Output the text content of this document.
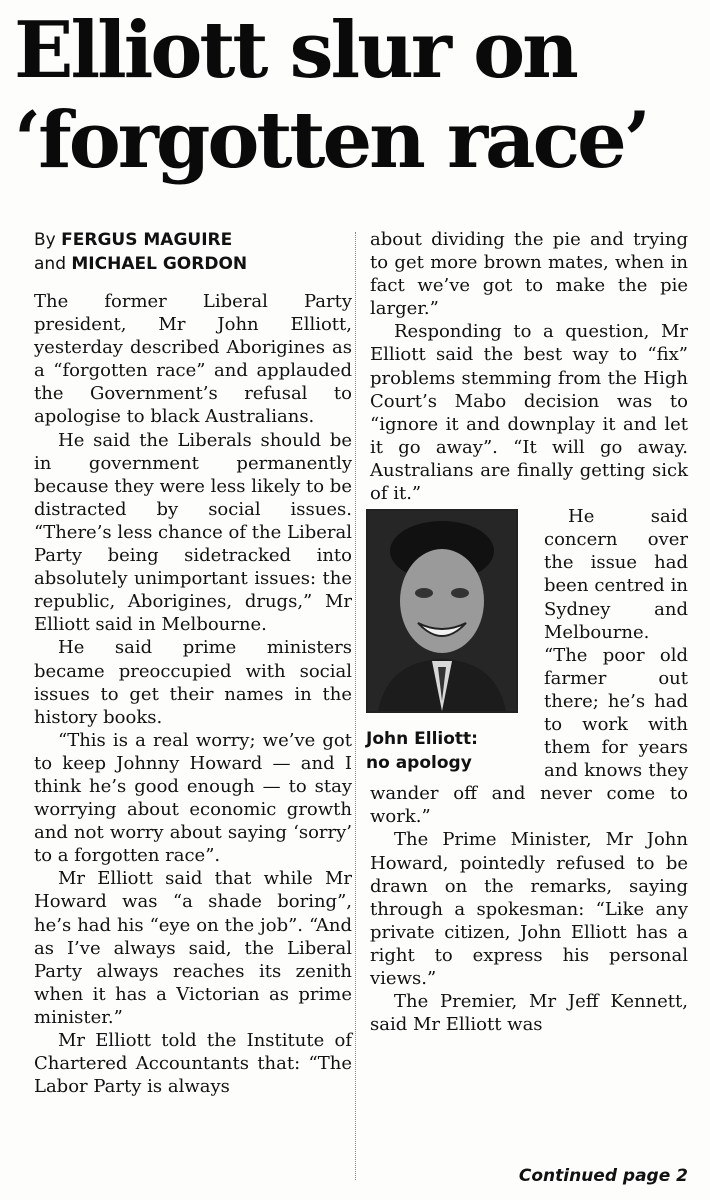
Elliott slur on
‘forgotten race’
By FERGUS MAGUIRE
and MICHAEL GORDON

The former Liberal Party president, Mr John Elliott, yesterday described Aborigines as a “forgotten race” and applauded the Government’s refusal to apologise to black Australians.

He said the Liberals should be in government permanently because they were less likely to be distracted by social issues. “There’s less chance of the Liberal Party being sidetracked into absolutely unimportant issues: the republic, Aborigines, drugs,” Mr Elliott said in Melbourne.

He said prime ministers became preoccupied with social issues to get their names in the history books.

“This is a real worry; we’ve got to keep Johnny Howard — and I think he’s good enough — to stay worrying about economic growth and not worry about saying ‘sorry’ to a forgotten race”.

Mr Elliott said that while Mr Howard was “a shade boring”, he’s had his “eye on the job”. “And as I’ve always said, the Liberal Party always reaches its zenith when it has a Victorian as prime minister.”

Mr Elliott told the Institute of Chartered Accountants that: “The Labor Party is always

about dividing the pie and trying to get more brown mates, when in fact we’ve got to make the pie larger.”

Responding to a question, Mr Elliott said the best way to “fix” problems stemming from the High Court’s Mabo decision was to “ignore it and downplay it and let it go away”. “It will go away. Australians are finally getting sick of it.”

John Elliott:
no apology

He said concern over the issue had been centred in Sydney and Melbourne. “The poor old farmer out there; he’s had to work with them for years and knows they wander off and never come to work.”

The Prime Minister, Mr John Howard, pointedly refused to be drawn on the remarks, saying through a spokesman: “Like any private citizen, John Elliott has a right to express his personal views.”

The Premier, Mr Jeff Kennett, said Mr Elliott was

Continued page 2
